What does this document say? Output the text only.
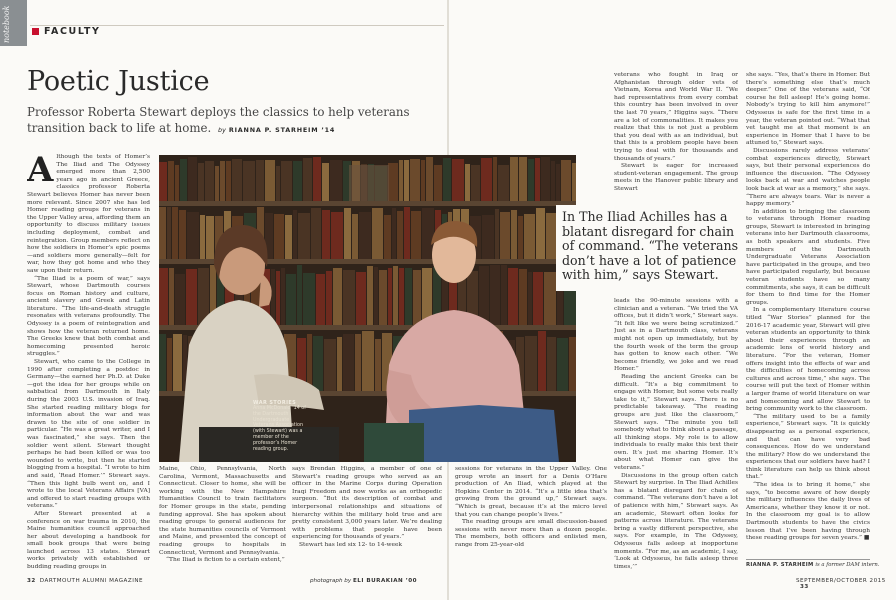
notebook	FACULTY
Poetic Justice
Professor Roberta Stewart deploys the classics to help veterans transition back to life at home. by RIANNA P. STARHEIM ’14

Although the texts of Homer’s The Iliad and The Odyssey emerged more than 2,500 years ago in ancient Greece, classics professor Roberta Stewart believes Homer has never been more relevant. Since 2007 she has led Homer reading groups for veterans in the Upper Valley area, affording them an opportunity to discuss military issues including deployment, combat and reintegration. Group members reflect on how the soldiers in Homer’s epic poems—and soldiers more generally—felt for war, how they got home and who they saw upon their return.

“The Iliad is a poem of war,” says Stewart, whose Dartmouth courses focus on Roman history and culture, ancient slavery and Greek and Latin literature. “The life-and-death struggle resonates with veterans profoundly. The Odyssey is a poem of reintegration and shows how the veteran returned home. The Greeks knew that both combat and homecoming presented heroic struggles.”

Stewart, who came to the College in 1990 after completing a postdoc in Germany—the earned her Ph.D. at Duke—got the idea for her groups while on sabbatical from Dartmouth in Italy during the 2003 U.S. invasion of Iraq. She started reading military blogs for information about the war and was drawn to the site of one soldier in particular. “He was a great writer, and I was fascinated,” she says. Then the soldier went silent. Stewart thought perhaps he had been killed or was too wounded to write, but then he started blogging from a hospital. “I wrote to him and said, ‘Read Homer.’” Stewart says. “Then this light bulb went on, and I wrote to the local Veterans Affairs [VA] and offered to start reading groups with veterans.”

After Stewart presented at a conference on war trauma in 2010, the Maine humanities council approached her about developing a handbook for small book groups that were being launched across 13 states. Stewart works privately with established or budding reading groups in

WAR STORIES
Anna McDonald ’14 of the Dartmouth Undergraduate Veterans Association (with Stewart) was a member of the professor’s Homer reading group.

Maine, Ohio, Pennsylvania, North Carolina, Vermont, Massachusetts and Connecticut. Closer to home, she will be working with the New Hampshire Humanities Council to train facilitators for Homer groups in the state, pending funding approval. She has spoken about reading groups to general audiences for the state humanities councils of Vermont and Maine, and presented the concept of reading groups to hospitals in Connecticut, Vermont and Pennsylvania.

“The Iliad is fiction to a certain extent,”

says Brendan Higgins, a member of one of Stewart’s reading groups who served as an officer in the Marine Corps during Operation Iraqi Freedom and now works as an orthopedic surgeon. “But its description of combat and interpersonal relationships and situations of hierarchy within the military hold true and are pretty consistent 3,000 years later. We’re dealing with problems that people have been experiencing for thousands of years.”

Stewart has led six 12- to 14-week

sessions for veterans in the Upper Valley. One group wrote an insert for a Denis O’Hare production of An Iliad, which played at the Hopkins Center in 2014. “It’s a little idea that’s growing from the ground up,” Stewart says. “Which is great, because it’s at the micro level that you can change people’s lives.”

The reading groups are small discussion-based sessions with never more than a dozen people. The members, both officers and enlisted men, range from 25-year-old

veterans who fought in Iraq or Afghanistan through older vets of Vietnam, Korea and World War II. “We had representatives from every combat this country has been involved in over the last 70 years,” Higgins says. “There are a lot of commonalities. It makes you realize that this is not just a problem that you deal with as an individual, but that this is a problem people have been trying to deal with for thousands and thousands of years.”

Stewart is eager for increased student-veteran engagement. The group meets in the Hanover public library and Stewart

In The Iliad Achilles has a blatant disregard for chain of command. “The veterans don’t have a lot of patience with him,” says Stewart.

leads the 90-minute sessions with a clinician and a veteran. “We tried the VA offices, but it didn’t work,” Stewart says. “It felt like we were being scrutinized.” Just as in a Dartmouth class, veterans might not open up immediately, but by the fourth week of the term the group has gotten to know each other. “We become friendly, we joke and we read Homer.”

Reading the ancient Greeks can be difficult. “It’s a big commitment to engage with Homer, but some vets really take to it,” Stewart says. There is no predictable takeaway. “The reading groups are just like the classroom,” Stewart says. “The minute you tell somebody what to think about a passage, all thinking stops. My role is to allow individuals to really make this text their own. It’s just me sharing Homer. It’s about what Homer can give the veterans.”

Discussions in the group often catch Stewart by surprise. In The Iliad Achilles has a blatant disregard for chain of command. “The veterans don’t have a lot of patience with him,” Stewart says. As an academic, Stewart often looks for patterns across literature. The veterans bring a vastly different perspective, she says. For example, in The Odyssey, Odysseus falls asleep at inopportune moments. “For me, as an academic, I say, ‘Look at Odysseus, he falls asleep three times,’”

she says. “Yes, that’s there in Homer. But there’s something else that’s much deeper.” One of the veterans said, “Of course he fell asleep! He’s going home. Nobody’s trying to kill him anymore!” Odysseus is safe for the first time in a year, the veteran pointed out. “What that vet taught me at that moment is an experience in Homer that I have to be attuned to,” Stewart says.

Discussions rarely address veterans’ combat experiences directly, Stewart says, but their personal experiences do influence the discussion. “The Odyssey looks back at war and watches people look back at war as a memory,” she says. “There are always tears. War is never a happy memory.”

In addition to bringing the classroom to veterans through Homer reading groups, Stewart is interested in bringing veterans into her Dartmouth classrooms, as both speakers and students. Five members of the Dartmouth Undergraduate Veterans Association have participated in the groups, and two have participated regularly, but because veteran students have so many commitments, she says, it can be difficult for them to find time for the Homer groups.

In a complementary literature course titled “War Stories” planned for the 2016-17 academic year, Stewart will give veteran students an opportunity to think about their experiences through an academic lens of world history and literature. “For the veteran, Homer offers insight into the effects of war and the difficulties of homecoming across cultures and across time,” she says. The course will put the text of Homer within a larger frame of world literature on war and homecoming and allow Stewart to bring community work to the classroom.

“The military used to be a family experience,” Stewart says. “It is quickly disappearing as a personal experience, and that can have very bad consequences. How do we understand the military? How do we understand the experiences that our soldiers have had? I think literature can help us think about that.”

“The idea is to bring it home,” she says, “to become aware of how deeply the military influences the daily lives of Americans, whether they know it or not. In the classroom my goal is to allow Dartmouth students to have the civics lesson that I’ve been having through these reading groups for seven years.” ■

RIANNA P. STARHEIM is a former DAM intern.
32 DARTMOUTH ALUMNI MAGAZINE	photograph by ELI BURAKIAN ’00	SEPTEMBER/OCTOBER 2015 33
